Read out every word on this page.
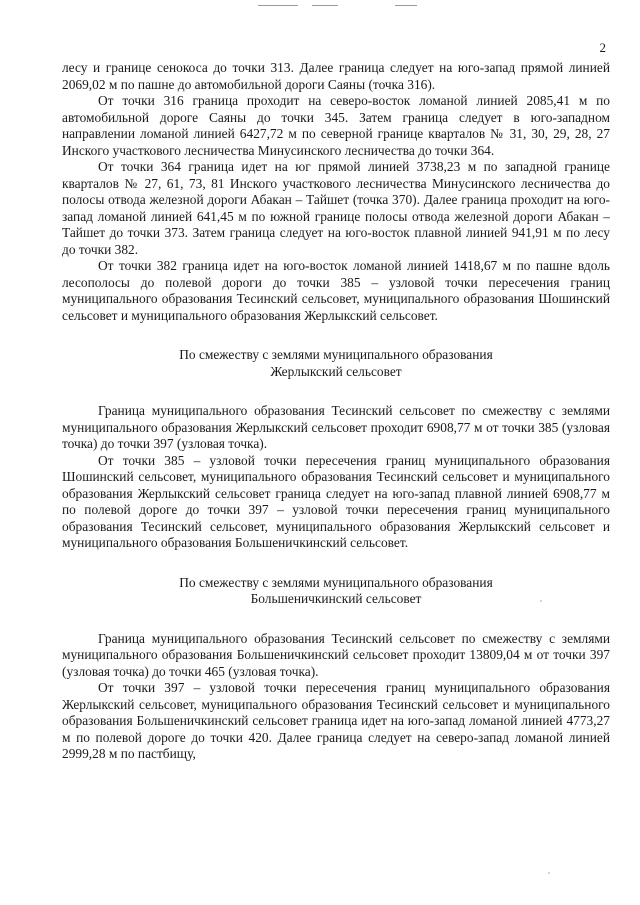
2

лесу и границе сенокоса до точки 313. Далее граница следует на юго-запад прямой линией 2069,02 м по пашне до автомобильной дороги Саяны (точка 316).

От точки 316 граница проходит на северо-восток ломаной линией 2085,41 м по автомобильной дороге Саяны до точки 345. Затем граница следует в юго-западном направлении ломаной линией 6427,72 м по северной границе кварталов № 31, 30, 29, 28, 27 Инского участкового лесничества Минусинского лесничества до точки 364.

От точки 364 граница идет на юг прямой линией 3738,23 м по западной границе кварталов № 27, 61, 73, 81 Инского участкового лесничества Минусинского лесничества до полосы отвода железной дороги Абакан – Тайшет (точка 370). Далее граница проходит на юго-запад ломаной линией 641,45 м по южной границе полосы отвода железной дороги Абакан – Тайшет до точки 373. Затем граница следует на юго-восток плавной линией 941,91 м по лесу до точки 382.

От точки 382 граница идет на юго-восток ломаной линией 1418,67 м по пашне вдоль лесополосы до полевой дороги до точки 385 – узловой точки пересечения границ муниципального образования Тесинский сельсовет, муниципального образования Шошинский сельсовет и муниципального образования Жерлыкский сельсовет.

По смежеству с землями муниципального образования
Жерлыкский сельсовет

Граница муниципального образования Тесинский сельсовет по смежеству с землями муниципального образования Жерлыкский сельсовет проходит 6908,77 м от точки 385 (узловая точка) до точки 397 (узловая точка).

От точки 385 – узловой точки пересечения границ муниципального образования Шошинский сельсовет, муниципального образования Тесинский сельсовет и муниципального образования Жерлыкский сельсовет граница следует на юго-запад плавной линией 6908,77 м по полевой дороге до точки 397 – узловой точки пересечения границ муниципального образования Тесинский сельсовет, муниципального образования Жерлыкский сельсовет и муниципального образования Большеничкинский сельсовет.

По смежеству с землями муниципального образования
Большеничкинский сельсовет

Граница муниципального образования Тесинский сельсовет по смежеству с землями муниципального образования Большеничкинский сельсовет проходит 13809,04 м от точки 397 (узловая точка) до точки 465 (узловая точка).

От точки 397 – узловой точки пересечения границ муниципального образования Жерлыкский сельсовет, муниципального образования Тесинский сельсовет и муниципального образования Большеничкинский сельсовет граница идет на юго-запад ломаной линией 4773,27 м по полевой дороге до точки 420. Далее граница следует на северо-запад ломаной линией 2999,28 м по пастбищу,
